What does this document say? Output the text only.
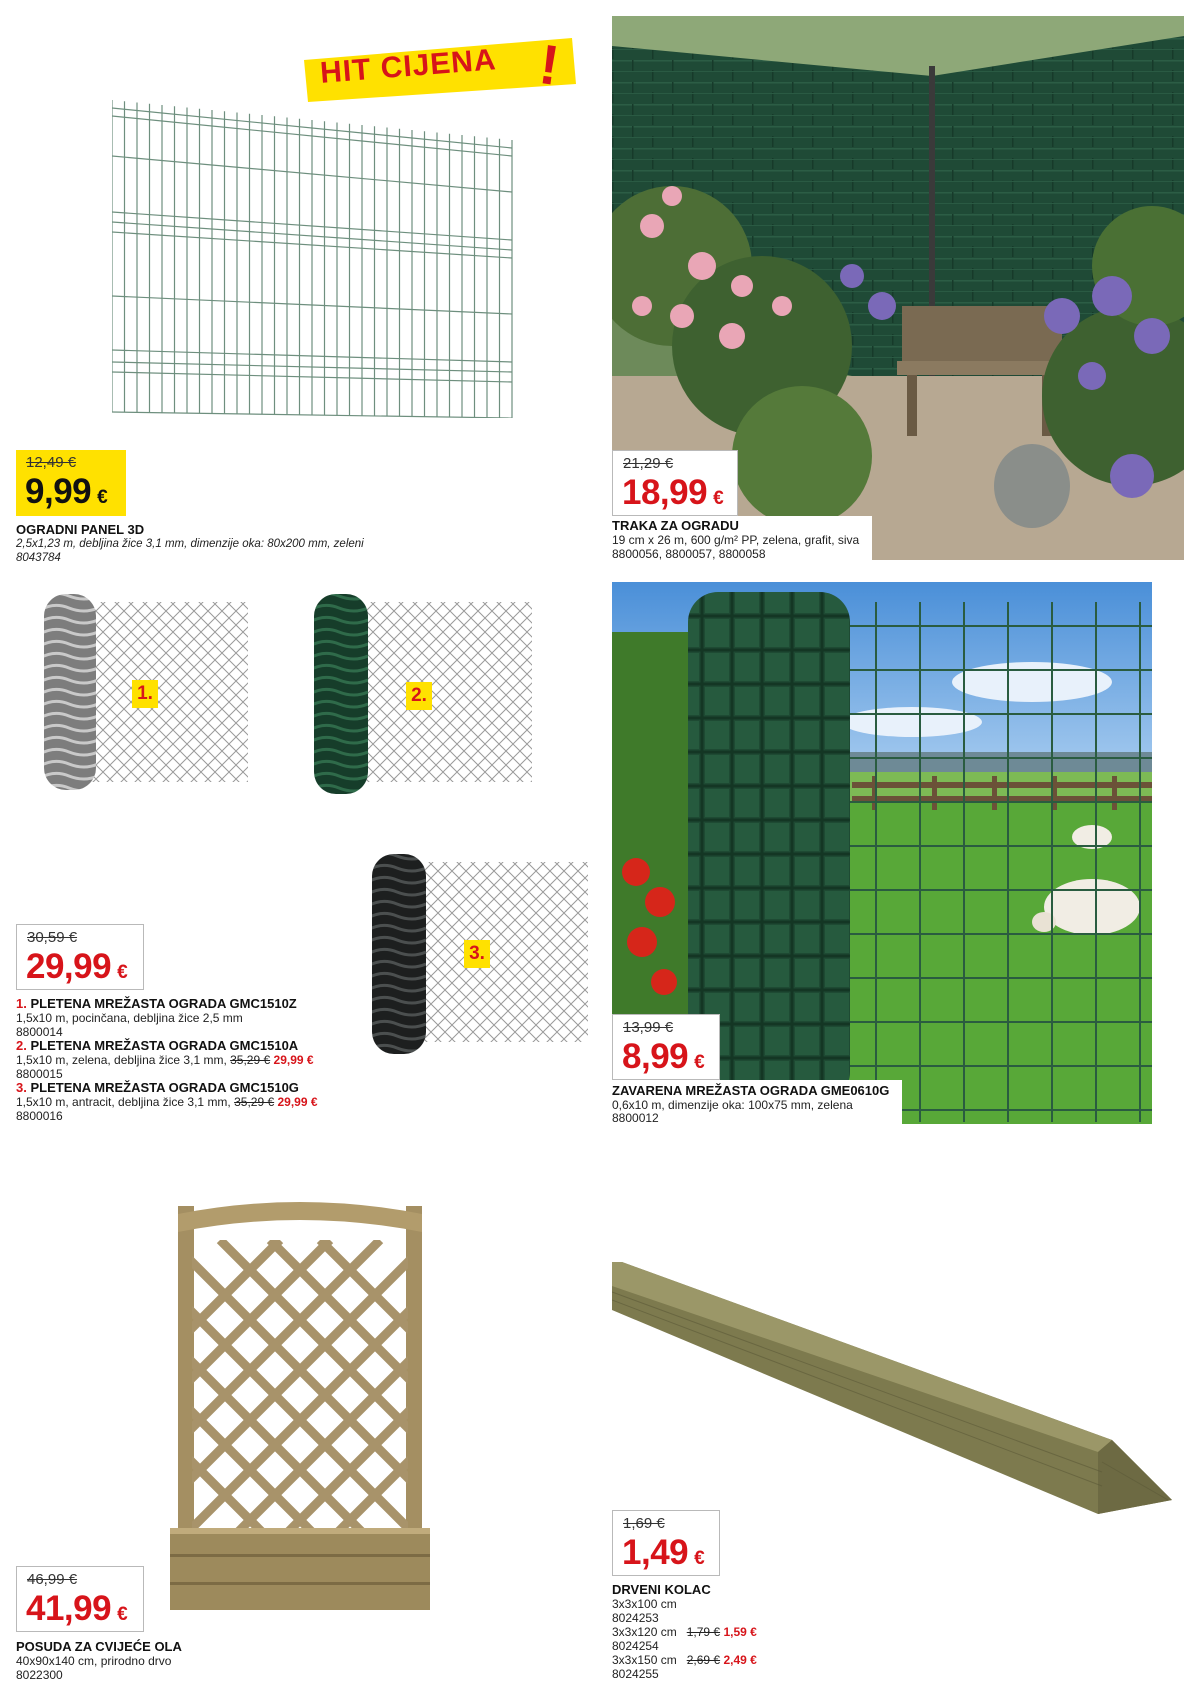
HIT CIJENA !
12,49 €
9,99 €
OGRADNI PANEL 3D
2,5x1,23 m, debljina žice 3,1 mm, dimenzije oka: 80x200 mm, zeleni
8043784
21,29 €
18,99 €
TRAKA ZA OGRADU
19 cm x 26 m, 600 g/m² PP, zelena, grafit, siva
8800056, 8800057, 8800058
1.	2.
3.
30,59 €
29,99 €
1. PLETENA MREŽASTA OGRADA GMC1510Z
1,5x10 m, pocinčana, debljina žice 2,5 mm
8800014
2. PLETENA MREŽASTA OGRADA GMC1510A
1,5x10 m, zelena, debljina žice 3,1 mm, 35,29 € 29,99 €
8800015
3. PLETENA MREŽASTA OGRADA GMC1510G
1,5x10 m, antracit, debljina žice 3,1 mm, 35,29 € 29,99 €
8800016
13,99 €
8,99 €
ZAVARENA MREŽASTA OGRADA GME0610G
0,6x10 m, dimenzije oka: 100x75 mm, zelena
8800012
46,99 €
41,99 €
POSUDA ZA CVIJEĆE OLA
40x90x140 cm, prirodno drvo
8022300
1,69 €
1,49 €
DRVENI KOLAC
3x3x100 cm
8024253
3x3x120 cm 1,79 € 1,59 €
8024254
3x3x150 cm 2,69 € 2,49 €
8024255
